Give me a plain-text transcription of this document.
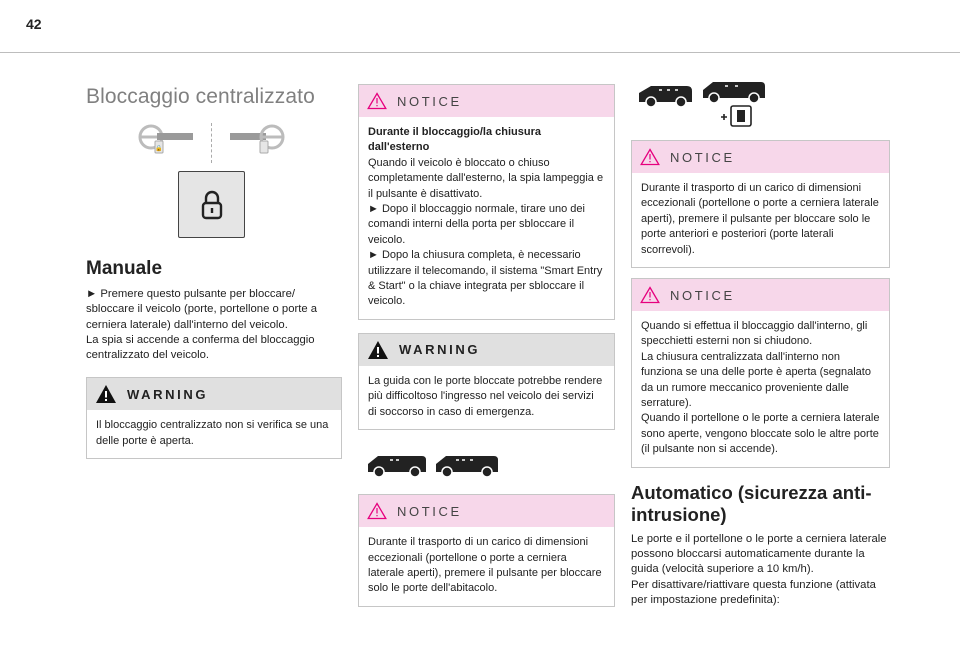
42
Bloccaggio centralizzato
🔒
Manuale

► Premere questo pulsante per bloccare/ sbloccare il veicolo (porte, portellone o porte a cerniera laterale) dall'interno del veicolo.
La spia si accende a conferma del bloccaggio centralizzato del veicolo.

WARNING

Il bloccaggio centralizzato non si verifica se una delle porte è aperta.

NOTICE

Durante il bloccaggio/la chiusura dall'esterno

Quando il veicolo è bloccato o chiuso completamente dall'esterno, la spia lampeggia e il pulsante è disattivato.
► Dopo il bloccaggio normale, tirare uno dei comandi interni della porta per sbloccare il veicolo.
► Dopo la chiusura completa, è necessario utilizzare il telecomando, il sistema "Smart Entry & Start" o la chiave integrata per sbloccare il veicolo.

WARNING

La guida con le porte bloccate potrebbe rendere più difficoltoso l'ingresso nel veicolo dei servizi di soccorso in caso di emergenza.

NOTICE

Durante il trasporto di un carico di dimensioni eccezionali (portellone o porte a cerniera laterale aperti), premere il pulsante per bloccare solo le porte dell'abitacolo.

NOTICE

Durante il trasporto di un carico di dimensioni eccezionali (portellone o porte a cerniera laterale aperti), premere il pulsante per bloccare solo le porte anteriori e posteriori (porte laterali scorrevoli).

NOTICE

Quando si effettua il bloccaggio dall'interno, gli specchietti esterni non si chiudono.
La chiusura centralizzata dall'interno non funziona se una delle porte è aperta (segnalato da un rumore meccanico proveniente dalle serrature).
Quando il portellone o le porte a cerniera laterale sono aperte, vengono bloccate solo le altre porte (il pulsante non si accende).

Automatico (sicurezza anti-intrusione)

Le porte e il portellone o le porte a cerniera laterale possono bloccarsi automaticamente durante la guida (velocità superiore a 10 km/h).
Per disattivare/riattivare questa funzione (attivata per impostazione predefinita):
